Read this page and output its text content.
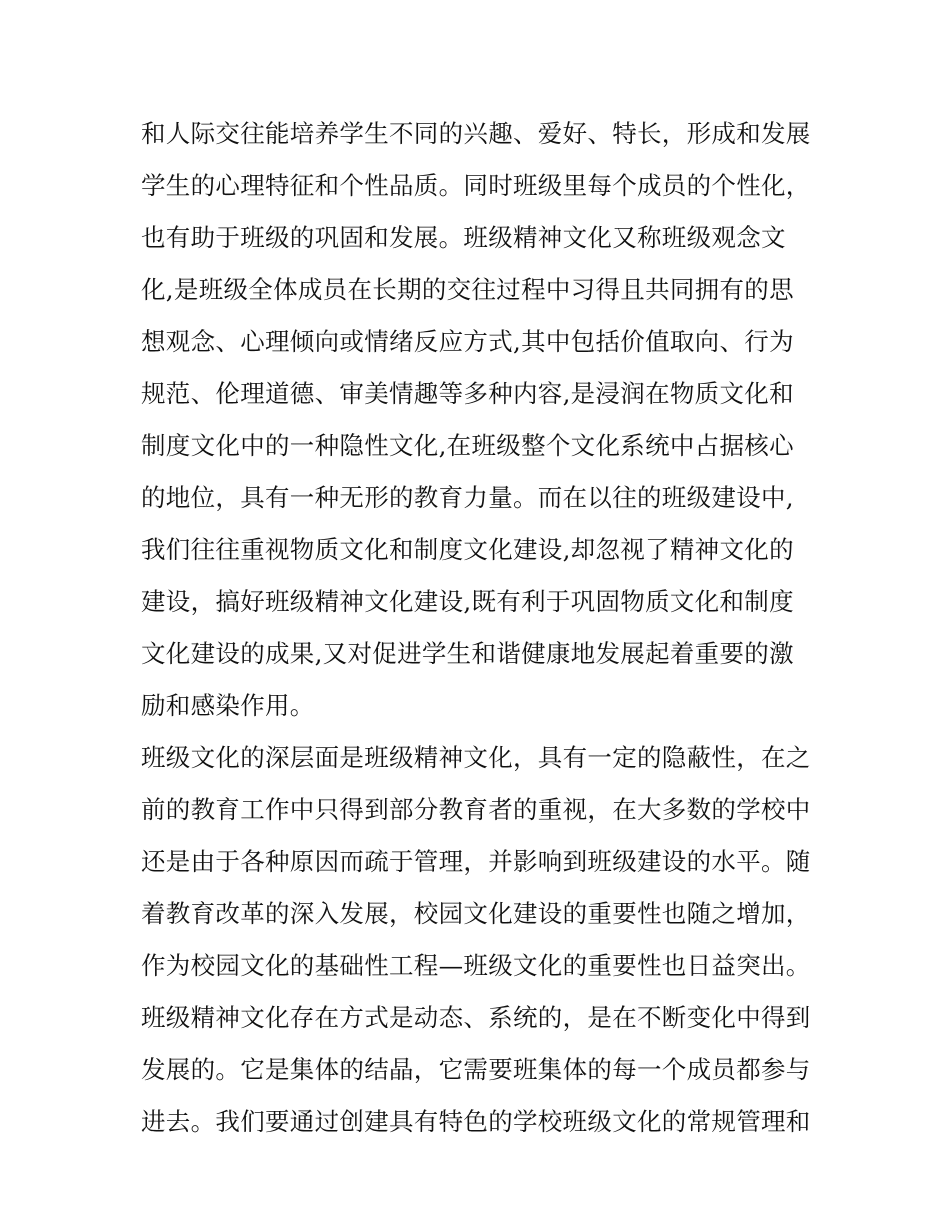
和人际交往能培养学生不同的兴趣、爱好、特长，形成和发展
学生的心理特征和个性品质。同时班级里每个成员的个性化，
也有助于班级的巩固和发展。班级精神文化又称班级观念文
化,是班级全体成员在长期的交往过程中习得且共同拥有的思
想观念、心理倾向或情绪反应方式,其中包括价值取向、行为
规范、伦理道德、审美情趣等多种内容,是浸润在物质文化和
制度文化中的一种隐性文化,在班级整个文化系统中占据核心
的地位，具有一种无形的教育力量。而在以往的班级建设中,
我们往往重视物质文化和制度文化建设,却忽视了精神文化的
建设，搞好班级精神文化建设,既有利于巩固物质文化和制度
文化建设的成果,又对促进学生和谐健康地发展起着重要的激
励和感染作用。
班级文化的深层面是班级精神文化，具有一定的隐蔽性，在之
前的教育工作中只得到部分教育者的重视，在大多数的学校中
还是由于各种原因而疏于管理，并影响到班级建设的水平。随
着教育改革的深入发展，校园文化建设的重要性也随之增加，
作为校园文化的基础性工程—班级文化的重要性也日益突出。
班级精神文化存在方式是动态、系统的，是在不断变化中得到
发展的。它是集体的结晶，它需要班集体的每一个成员都参与
进去。我们要通过创建具有特色的学校班级文化的常规管理和
